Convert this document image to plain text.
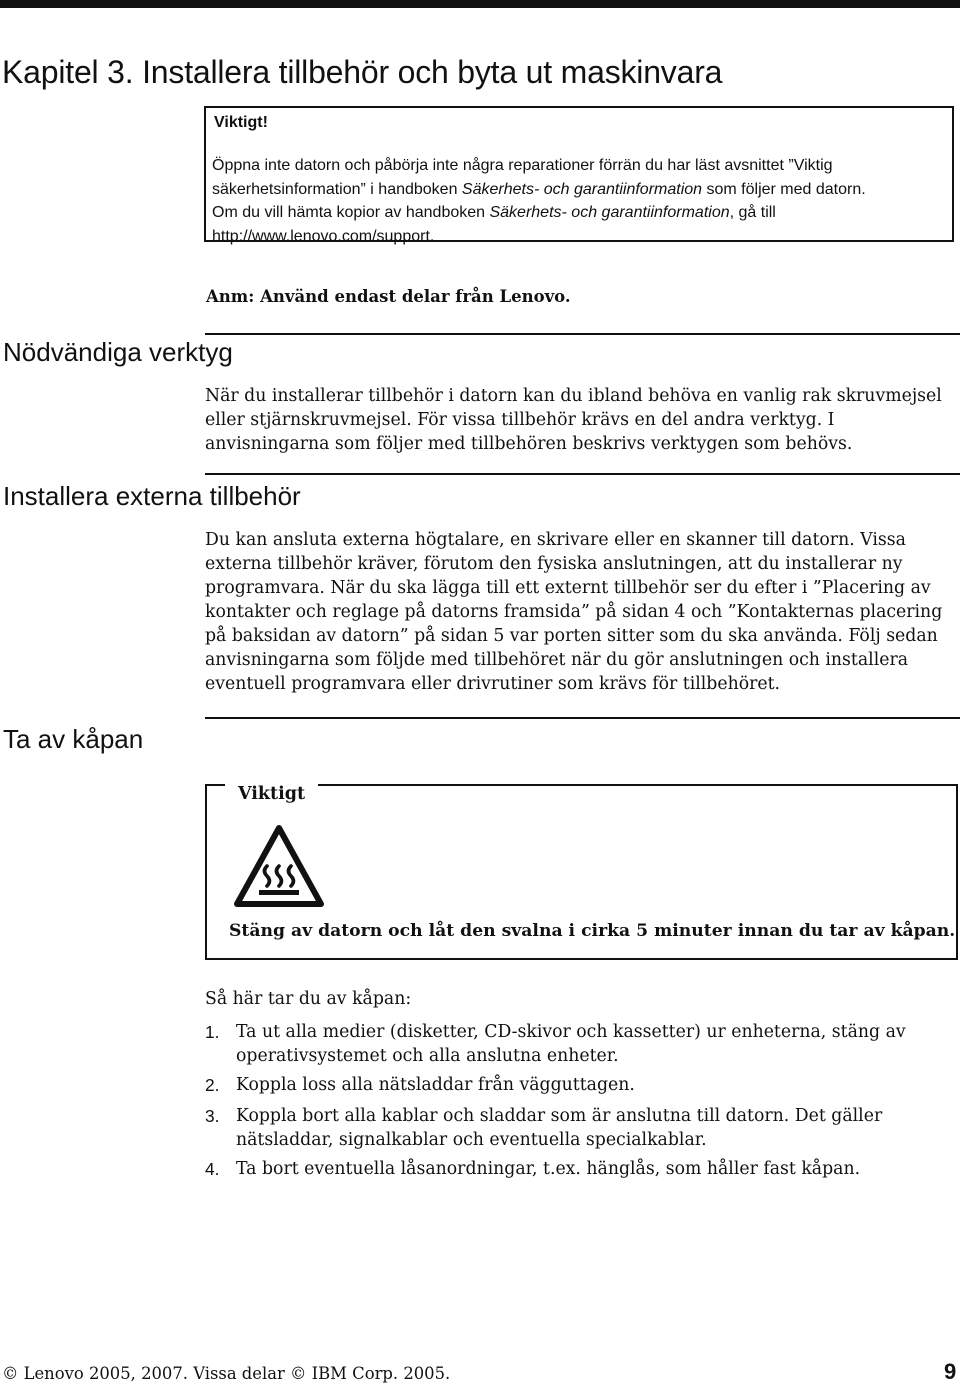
Kapitel 3. Installera tillbehör och byta ut maskinvara
Viktigt!
Öppna inte datorn och påbörja inte några reparationer förrän du har läst avsnittet ”Viktig
säkerhetsinformation” i handboken Säkerhets- och garantiinformation som följer med datorn.
Om du vill hämta kopior av handboken Säkerhets- och garantiinformation, gå till
http://www.lenovo.com/support.
Anm: Använd endast delar från Lenovo.
Nödvändiga verktyg
När du installerar tillbehör i datorn kan du ibland behöva en vanlig rak skruvmejsel eller stjärnskruvmejsel. För vissa tillbehör krävs en del andra verktyg. I anvisningarna som följer med tillbehören beskrivs verktygen som behövs.
Installera externa tillbehör
Du kan ansluta externa högtalare, en skrivare eller en skanner till datorn. Vissa externa tillbehör kräver, förutom den fysiska anslutningen, att du installerar ny programvara. När du ska lägga till ett externt tillbehör ser du efter i ”Placering av kontakter och reglage på datorns framsida” på sidan 4 och ”Kontakternas placering på baksidan av datorn” på sidan 5 var porten sitter som du ska använda. Följ sedan anvisningarna som följde med tillbehöret när du gör anslutningen och installera eventuell programvara eller drivrutiner som krävs för tillbehöret.
Ta av kåpan
Viktigt
Stäng av datorn och låt den svalna i cirka 5 minuter innan du tar av kåpan.
Så här tar du av kåpan:
1. Ta ut alla medier (disketter, CD-skivor och kassetter) ur enheterna, stäng av operativsystemet och alla anslutna enheter.
2. Koppla loss alla nätsladdar från vägguttagen.
3. Koppla bort alla kablar och sladdar som är anslutna till datorn. Det gäller nätsladdar, signalkablar och eventuella specialkablar.
4. Ta bort eventuella låsanordningar, t.ex. hänglås, som håller fast kåpan.
© Lenovo 2005, 2007. Vissa delar © IBM Corp. 2005.	9
